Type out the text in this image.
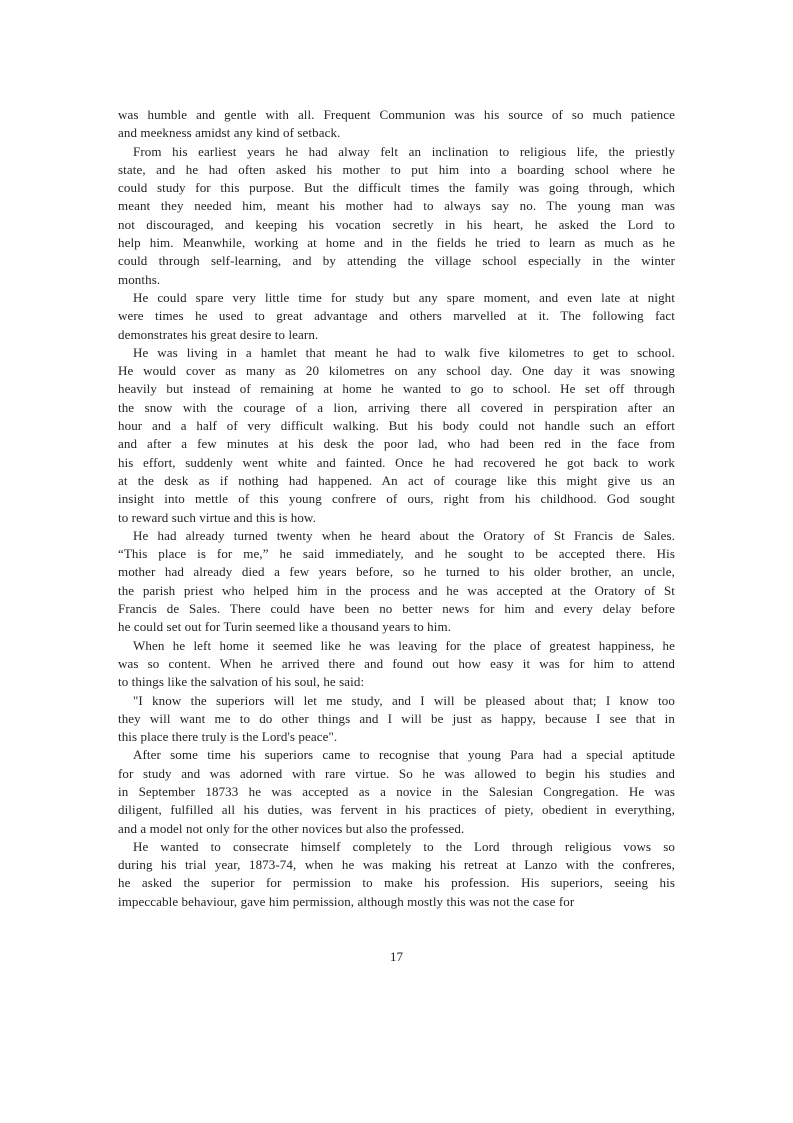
was humble and gentle with all. Frequent Communion was his source of so much patience
and meekness amidst any kind of setback.
From his earliest years he had alway felt an inclination to religious life, the priestly
state, and he had often asked his mother to put him into a boarding school where he
could study for this purpose. But the difficult times the family was going through, which
meant they needed him, meant his mother had to always say no. The young man was
not discouraged, and keeping his vocation secretly in his heart, he asked the Lord to
help him. Meanwhile, working at home and in the fields he tried to learn as much as he
could through self-learning, and by attending the village school especially in the winter
months.
He could spare very little time for study but any spare moment, and even late at night
were times he used to great advantage and others marvelled at it. The following fact
demonstrates his great desire to learn.
He was living in a hamlet that meant he had to walk five kilometres to get to school.
He would cover as many as 20 kilometres on any school day. One day it was snowing
heavily but instead of remaining at home he wanted to go to school. He set off through
the snow with the courage of a lion, arriving there all covered in perspiration after an
hour and a half of very difficult walking. But his body could not handle such an effort
and after a few minutes at his desk the poor lad, who had been red in the face from
his effort, suddenly went white and fainted. Once he had recovered he got back to work
at the desk as if nothing had happened. An act of courage like this might give us an
insight into mettle of this young confrere of ours, right from his childhood. God sought
to reward such virtue and this is how.
He had already turned twenty when he heard about the Oratory of St Francis de Sales.
“This place is for me,” he said immediately, and he sought to be accepted there. His
mother had already died a few years before, so he turned to his older brother, an uncle,
the parish priest who helped him in the process and he was accepted at the Oratory of St
Francis de Sales. There could have been no better news for him and every delay before
he could set out for Turin seemed like a thousand years to him.
When he left home it seemed like he was leaving for the place of greatest happiness, he
was so content. When he arrived there and found out how easy it was for him to attend
to things like the salvation of his soul, he said:
"I know the superiors will let me study, and I will be pleased about that; I know too
they will want me to do other things and I will be just as happy, because I see that in
this place there truly is the Lord's peace".
After some time his superiors came to recognise that young Para had a special aptitude
for study and was adorned with rare virtue. So he was allowed to begin his studies and
in September 18733 he was accepted as a novice in the Salesian Congregation. He was
diligent, fulfilled all his duties, was fervent in his practices of piety, obedient in everything,
and a model not only for the other novices but also the professed.
He wanted to consecrate himself completely to the Lord through religious vows so
during his trial year, 1873-74, when he was making his retreat at Lanzo with the confreres,
he asked the superior for permission to make his profession. His superiors, seeing his
impeccable behaviour, gave him permission, although mostly this was not the case for
17
